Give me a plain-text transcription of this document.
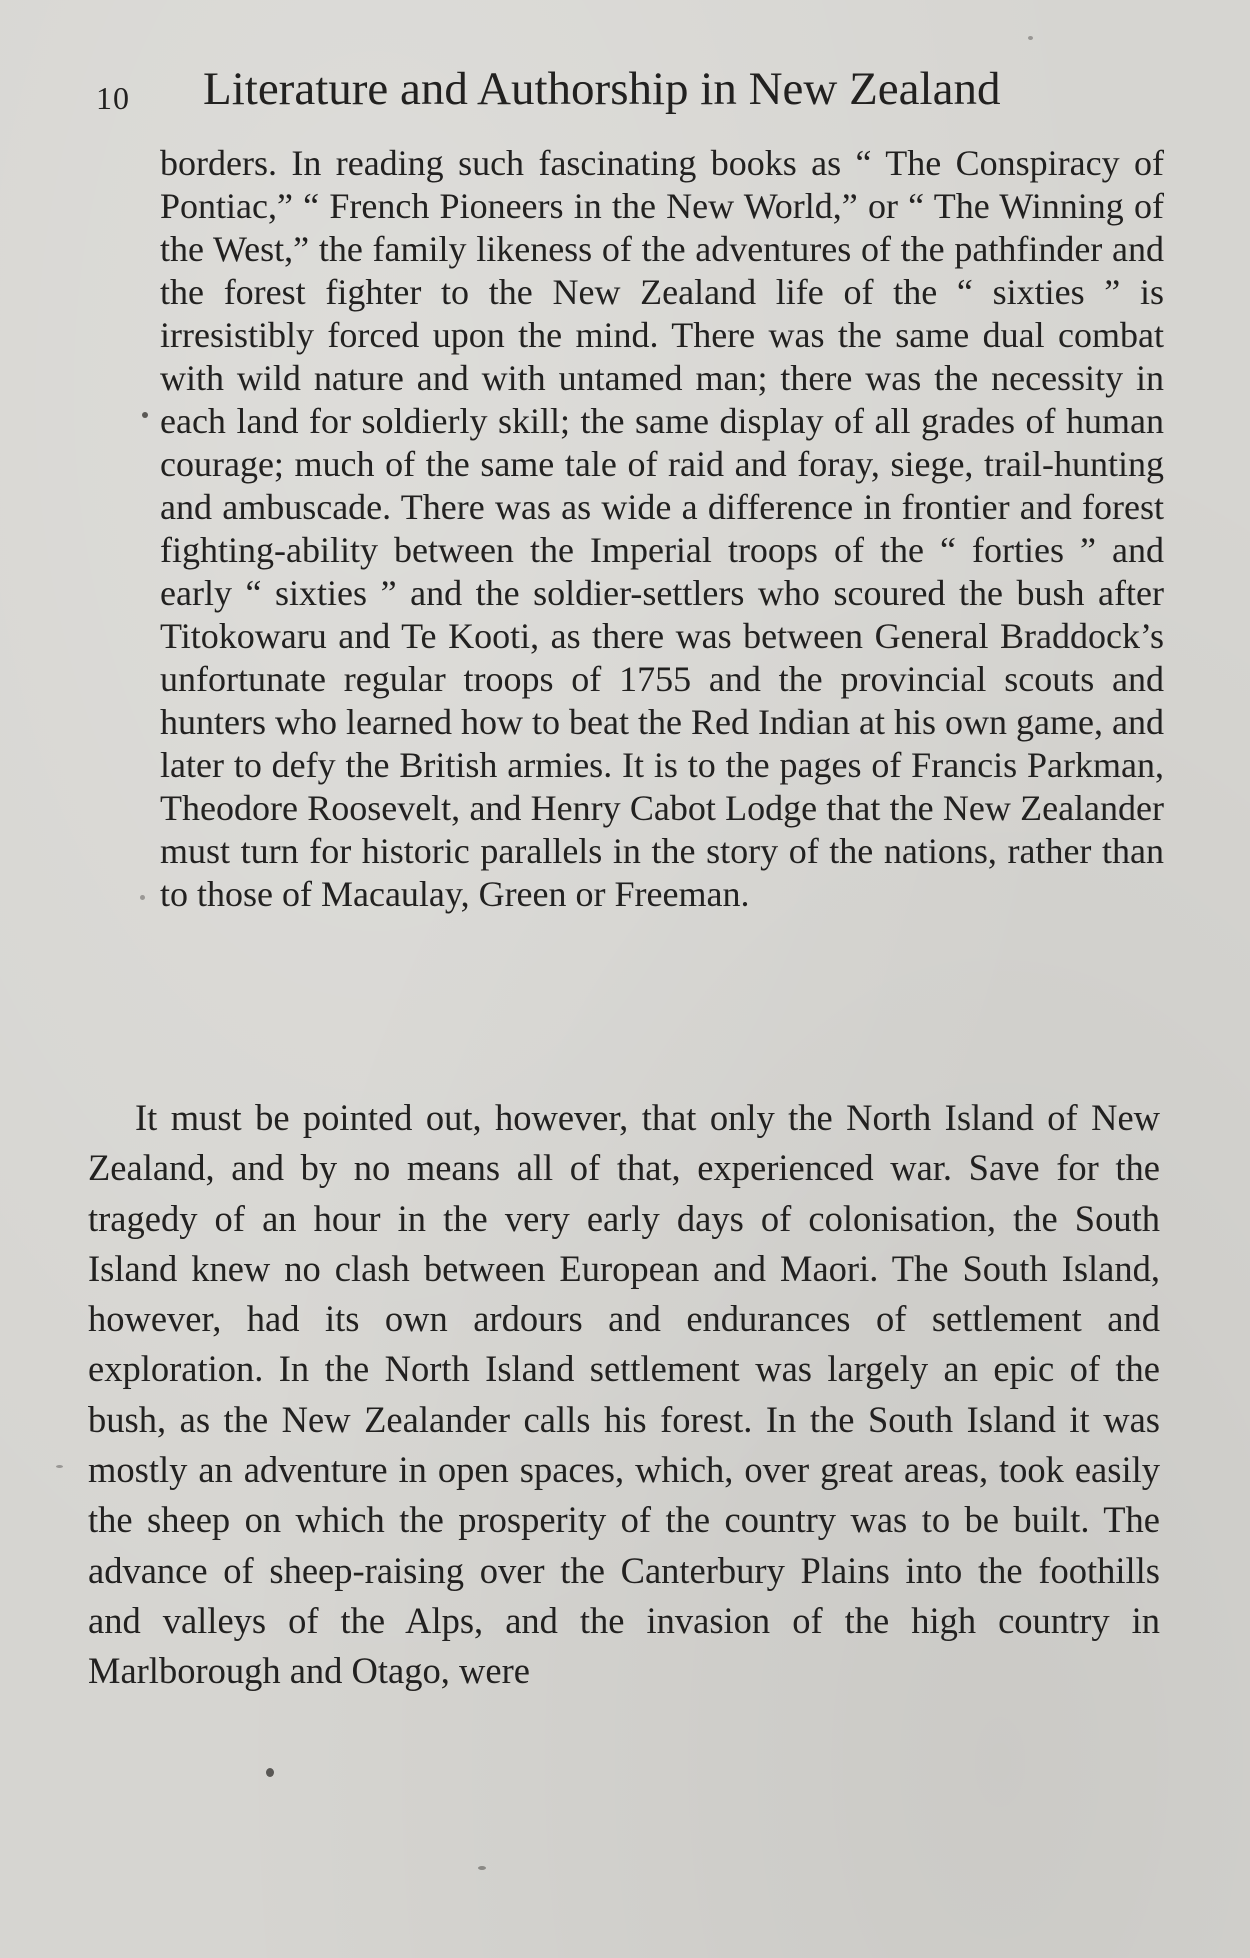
10 Literature and Authorship in New Zealand

borders. In reading such fascinating books as “ The Conspiracy of Pontiac,” “ French Pioneers in the New World,” or “ The Winning of the West,” the family likeness of the adventures of the pathfinder and the forest fighter to the New Zealand life of the “ sixties ” is irresistibly forced upon the mind. There was the same dual combat with wild nature and with untamed man; there was the necessity in each land for soldierly skill; the same display of all grades of human courage; much of the same tale of raid and foray, siege, trail-hunting and ambuscade. There was as wide a difference in frontier and forest fighting-ability between the Imperial troops of the “ forties ” and early “ sixties ” and the soldier-settlers who scoured the bush after Titokowaru and Te Kooti, as there was between General Braddock’s unfortunate regular troops of 1755 and the provincial scouts and hunters who learned how to beat the Red Indian at his own game, and later to defy the British armies. It is to the pages of Francis Parkman, Theodore Roosevelt, and Henry Cabot Lodge that the New Zealander must turn for historic parallels in the story of the nations, rather than to those of Macaulay, Green or Freeman.

It must be pointed out, however, that only the North Island of New Zealand, and by no means all of that, experienced war. Save for the tragedy of an hour in the very early days of colonisation, the South Island knew no clash between European and Maori. The South Island, however, had its own ardours and endurances of settlement and exploration. In the North Island settlement was largely an epic of the bush, as the New Zealander calls his forest. In the South Island it was mostly an adventure in open spaces, which, over great areas, took easily the sheep on which the prosperity of the country was to be built. The advance of sheep-raising over the Canterbury Plains into the foothills and valleys of the Alps, and the invasion of the high country in Marlborough and Otago, were
